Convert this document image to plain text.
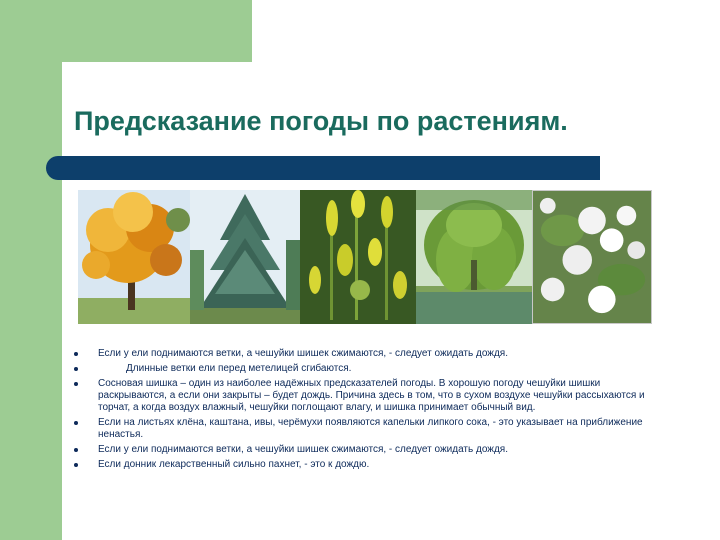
Предсказание погоды по растениям.
Если у ели поднимаются ветки, а чешуйки шишек сжимаются, - следует ожидать дождя.
Длинные ветки ели перед метелицей сгибаются.
Сосновая шишка – один из наиболее надёжных предсказателей погоды. В хорошую погоду чешуйки шишки раскрываются, а если они закрыты – будет дождь. Причина здесь в том, что в сухом воздухе чешуйки рассыхаются и торчат, а когда воздух влажный, чешуйки поглощают влагу, и шишка принимает обычный вид.
Если на листьях клёна, каштана, ивы, черёмухи появляются капельки липкого сока, - это указывает на приближение ненастья.
Если у ели поднимаются ветки, а чешуйки шишек сжимаются, - следует ожидать дождя.
Если донник лекарственный сильно пахнет, - это к дождю.
